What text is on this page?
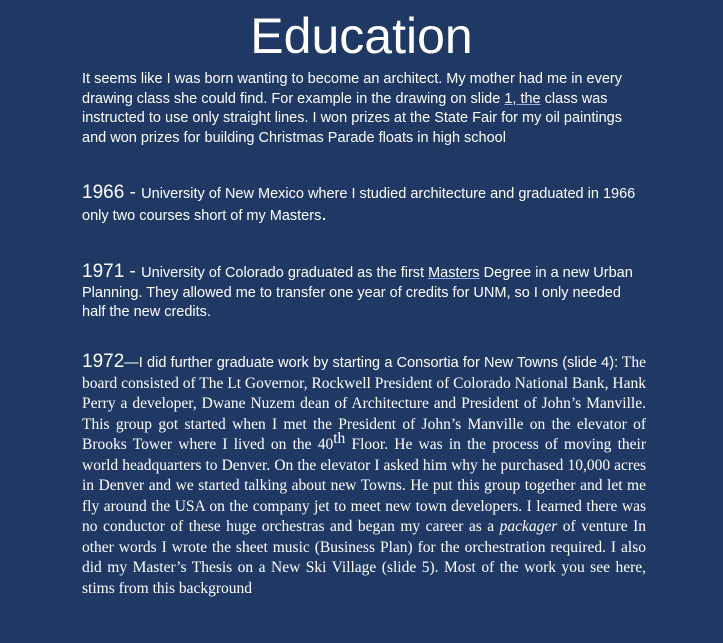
Education
It seems like I was born wanting to become an architect. My mother had me in every drawing class she could find. For example in the drawing on slide 1, the class was instructed to use only straight lines. I won prizes at the State Fair for my oil paintings and won prizes for building Christmas Parade floats in high school
1966 - University of New Mexico where I studied architecture and graduated in 1966 only two courses short of my Masters.
1971 - University of Colorado graduated as the first Masters Degree in a new Urban Planning. They allowed me to transfer one year of credits for UNM, so I only needed half the new credits.
1972—I did further graduate work by starting a Consortia for New Towns (slide 4): The board consisted of The Lt Governor, Rockwell President of Colorado National Bank, Hank Perry a developer, Dwane Nuzem dean of Architecture and President of John’s Manville. This group got started when I met the President of John’s Manville on the elevator of Brooks Tower where I lived on the 40th Floor. He was in the process of moving their world headquarters to Denver. On the elevator I asked him why he purchased 10,000 acres in Denver and we started talking about new Towns. He put this group together and let me fly around the USA on the company jet to meet new town developers. I learned there was no conductor of these huge orchestras and began my career as a packager of venture In other words I wrote the sheet music (Business Plan) for the orchestration required. I also did my Master’s Thesis on a New Ski Village (slide 5). Most of the work you see here, stims from this background
